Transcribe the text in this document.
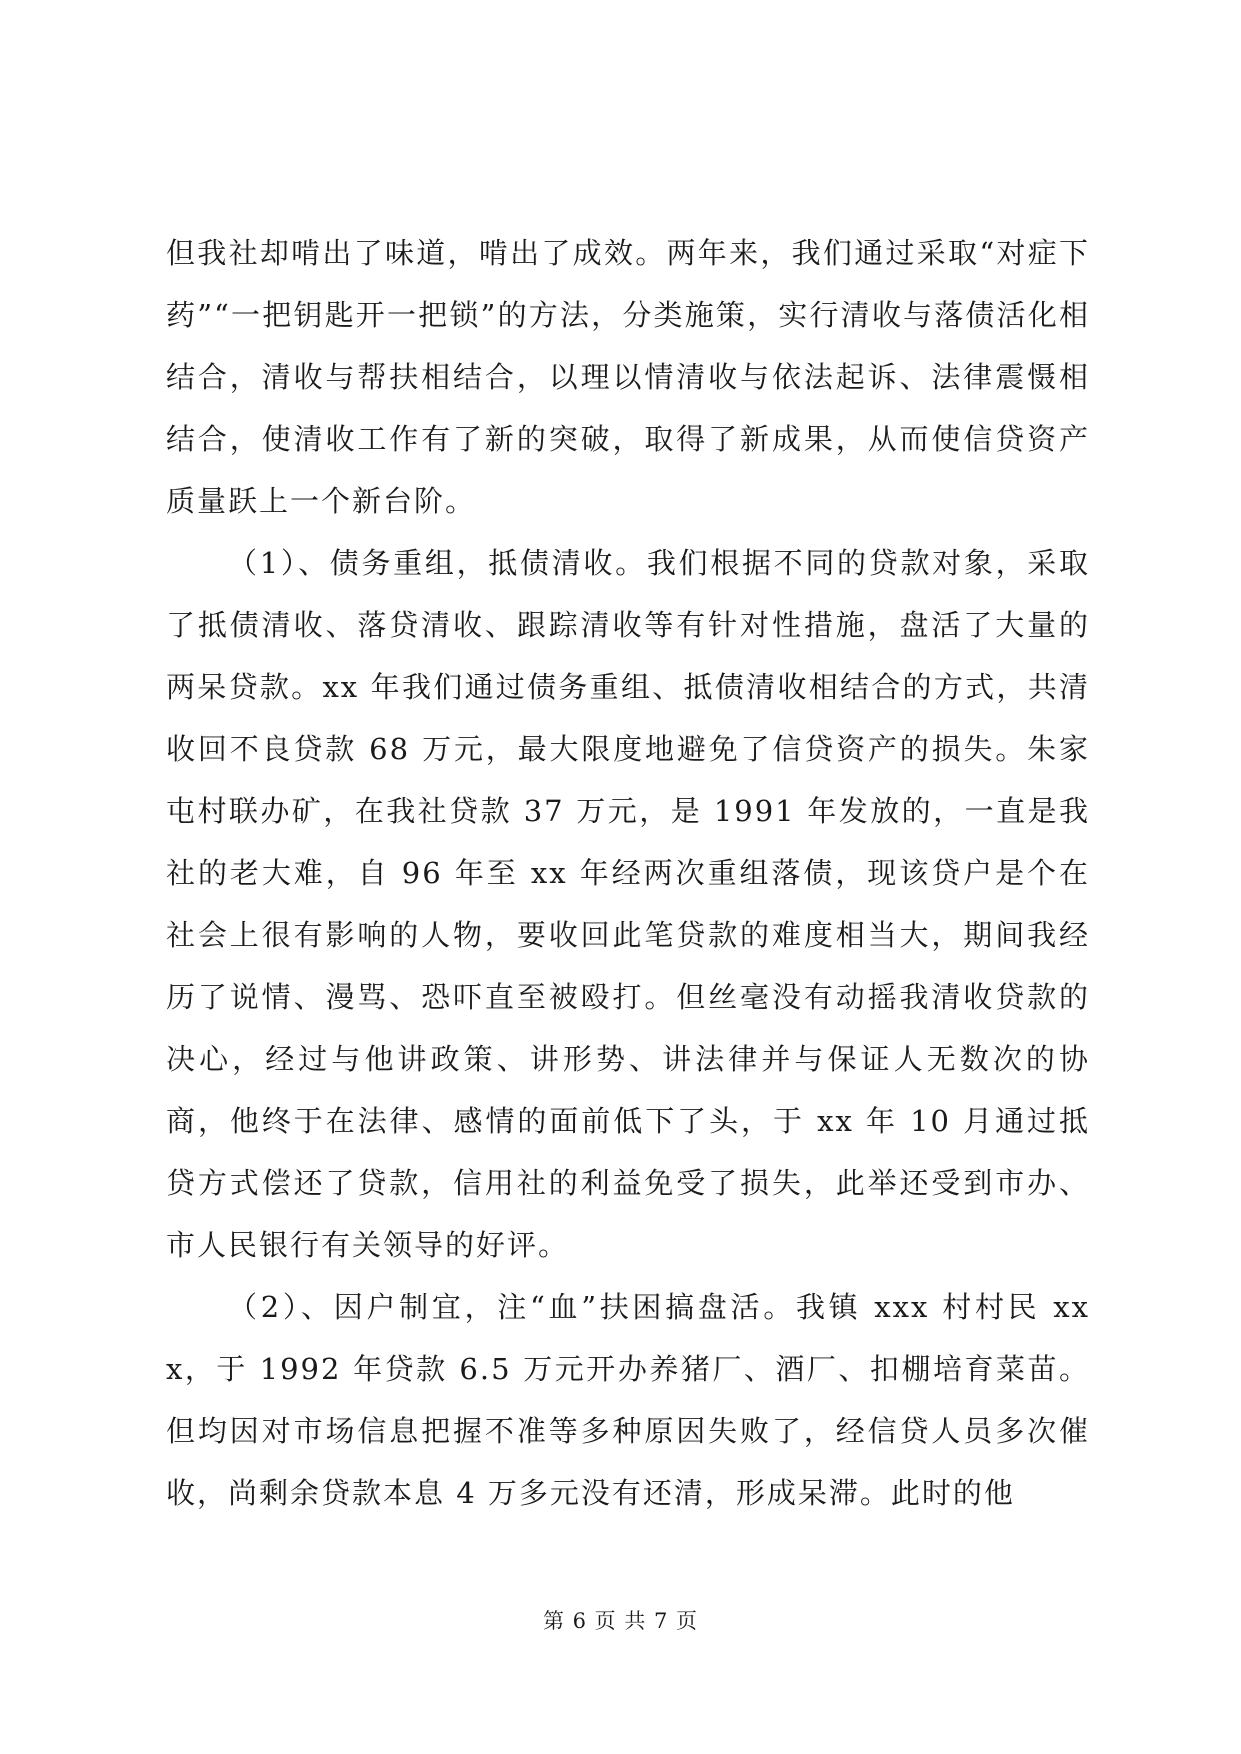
但我社却啃出了味道，啃出了成效。两年来，我们通过采取“对症下药”“一把钥匙开一把锁”的方法，分类施策，实行清收与落债活化相结合，清收与帮扶相结合，以理以情清收与依法起诉、法律震慑相结合，使清收工作有了新的突破，取得了新成果，从而使信贷资产质量跃上一个新台阶。

（1）、债务重组，抵债清收。我们根据不同的贷款对象，采取了抵债清收、落贷清收、跟踪清收等有针对性措施，盘活了大量的两呆贷款。xx 年我们通过债务重组、抵债清收相结合的方式，共清收回不良贷款 68 万元，最大限度地避免了信贷资产的损失。朱家屯村联办矿，在我社贷款 37 万元，是 1991 年发放的，一直是我社的老大难，自 96 年至 xx 年经两次重组落债，现该贷户是个在社会上很有影响的人物，要收回此笔贷款的难度相当大，期间我经历了说情、漫骂、恐吓直至被殴打。但丝毫没有动摇我清收贷款的决心，经过与他讲政策、讲形势、讲法律并与保证人无数次的协商，他终于在法律、感情的面前低下了头，于 xx 年 10 月通过抵贷方式偿还了贷款，信用社的利益免受了损失，此举还受到市办、市人民银行有关领导的好评。

（2）、因户制宜，注“血”扶困搞盘活。我镇 xxx 村村民 xxx，于 1992 年贷款 6.5 万元开办养猪厂、酒厂、扣棚培育菜苗。但均因对市场信息把握不准等多种原因失败了，经信贷人员多次催收，尚剩余贷款本息 4 万多元没有还清，形成呆滞。此时的他

第 6 页 共 7 页
